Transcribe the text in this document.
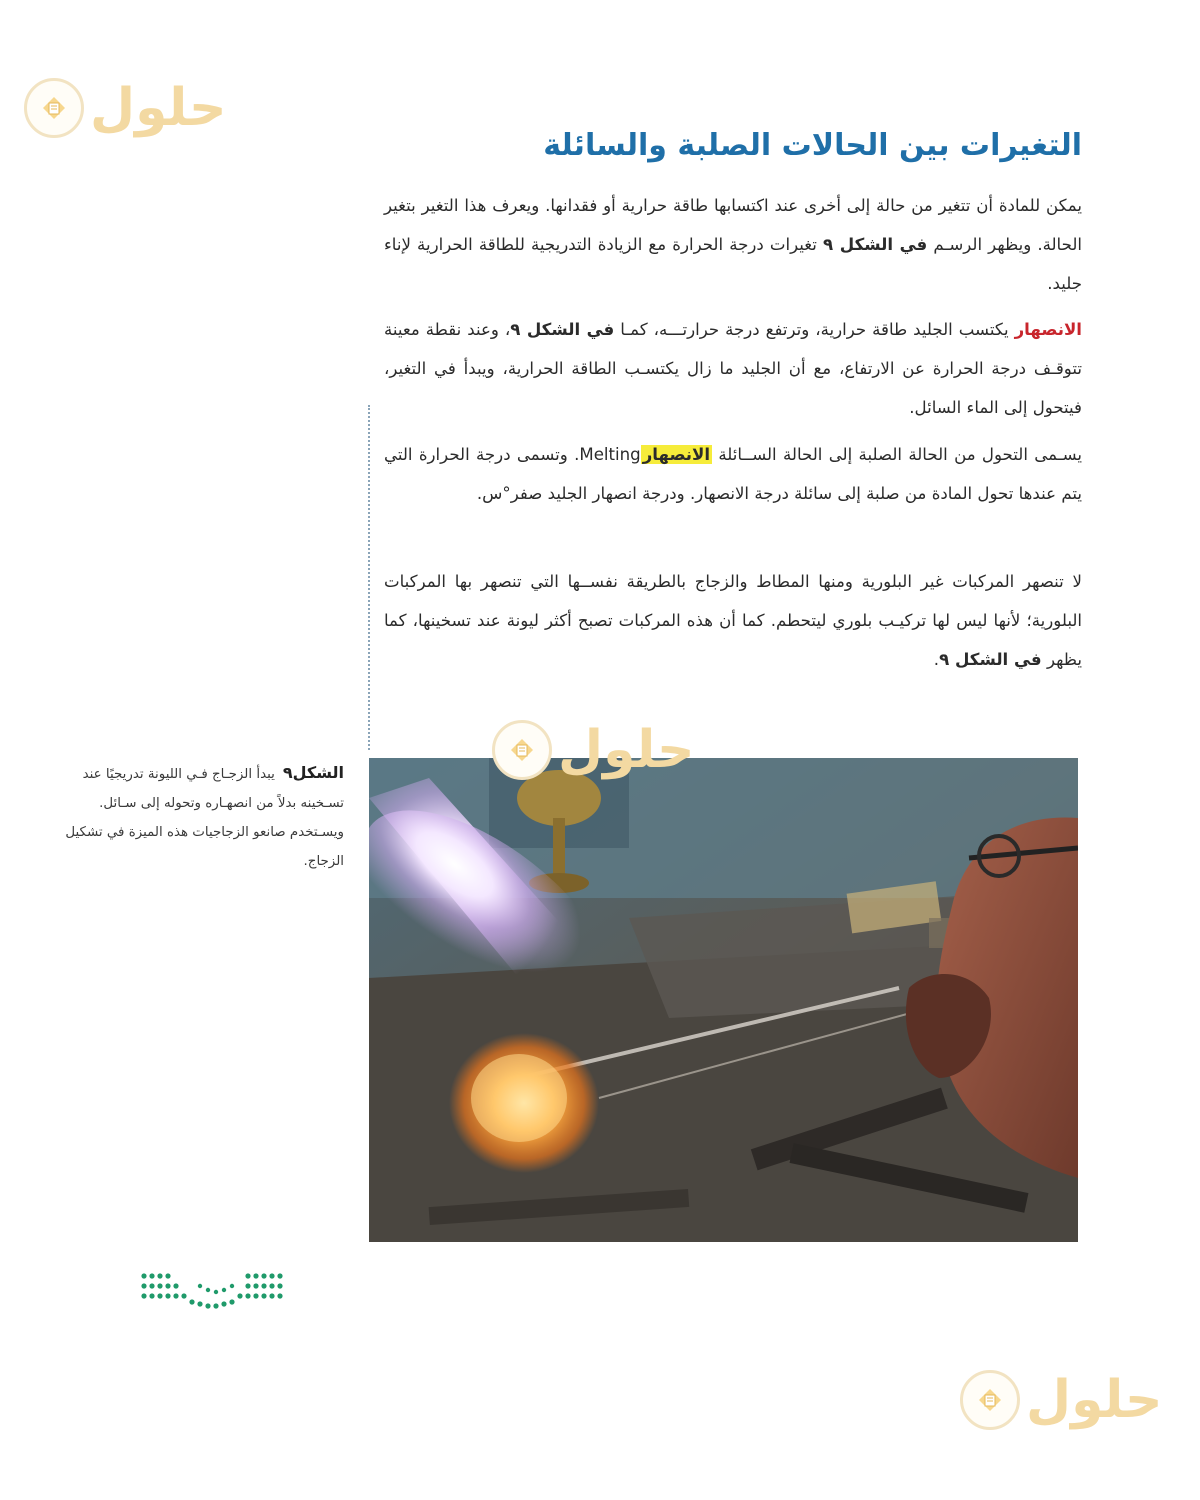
حلول
التغيرات بين الحالات الصلبة والسائلة

يمكن للمادة أن تتغير من حالة إلى أخرى عند اكتسابها طاقة حرارية أو فقدانها. ويعرف هذا التغير بتغير الحالة. ويظهر الرسـم في الشكل ٩ تغيرات درجة الحرارة مع الزيادة التدريجية للطاقة الحرارية لإناء جليد.

الانصهار يكتسب الجليد طاقة حرارية، وترتفع درجة حرارتـــه، كمـا في الشكل ٩، وعند نقطة معينة تتوقـف درجة الحرارة عن الارتفاع، مع أن الجليد ما زال يكتسـب الطاقة الحرارية، ويبدأ في التغير، فيتحول إلى الماء السائل.

يسـمى التحول من الحالة الصلبة إلى الحالة الســائلة الانصهارMelting. وتسمى درجة الحرارة التي يتم عندها تحول المادة من صلبة إلى سائلة درجة الانصهار. ودرجة انصهار الجليد صفر°س.

لا تنصهر المركبات غير البلورية ومنها المطاط والزجاج بالطريقة نفســها التي تنصهر بها المركبات البلورية؛ لأنها ليس لها تركيـب بلوري ليتحطم. كما أن هذه المركبات تصبح أكثر ليونة عند تسخينها، كما يظهر في الشكل ٩.

الشكل٩يبدأ الزجـاج فـي الليونة تدريجيًا عند تسـخينه بدلاً من انصهـاره وتحوله إلى سـائل. ويسـتخدم صانعو الزجاجيات هذه الميزة في تشكيل الزجاج.
حلول
حلول
